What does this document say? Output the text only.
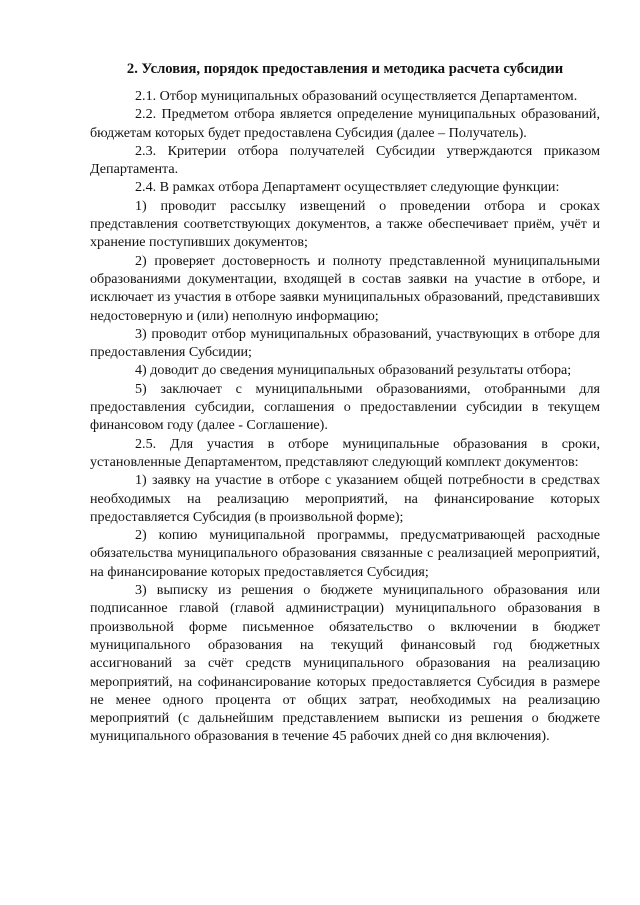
2. Условия, порядок предоставления и методика расчета субсидии

2.1. Отбор муниципальных образований осуществляется Департаментом.

2.2. Предметом отбора является определение муниципальных образований, бюджетам которых будет предоставлена Субсидия (далее – Получатель).

2.3. Критерии отбора получателей Субсидии утверждаются приказом Департамента.

2.4. В рамках отбора Департамент осуществляет следующие функции:

1) проводит рассылку извещений о проведении отбора и сроках представления соответствующих документов, а также обеспечивает приём, учёт и хранение поступивших документов;

2) проверяет достоверность и полноту представленной муниципальными образованиями документации, входящей в состав заявки на участие в отборе, и исключает из участия в отборе заявки муниципальных образований, представивших недостоверную и (или) неполную информацию;

3) проводит отбор муниципальных образований, участвующих в отборе для предоставления Субсидии;

4) доводит до сведения муниципальных образований результаты отбора;

5) заключает с муниципальными образованиями, отобранными для предоставления субсидии, соглашения о предоставлении субсидии в текущем финансовом году (далее - Соглашение).

2.5. Для участия в отборе муниципальные образования в сроки, установленные Департаментом, представляют следующий комплект документов:

1) заявку на участие в отборе с указанием общей потребности в средствах необходимых на реализацию мероприятий, на финансирование которых предоставляется Субсидия (в произвольной форме);

2) копию муниципальной программы, предусматривающей расходные обязательства муниципального образования связанные с реализацией мероприятий, на финансирование которых предоставляется Субсидия;

3) выписку из решения о бюджете муниципального образования или подписанное главой (главой администрации) муниципального образования в произвольной форме письменное обязательство о включении в бюджет муниципального образования на текущий финансовый год бюджетных ассигнований за счёт средств муниципального образования на реализацию мероприятий, на софинансирование которых предоставляется Субсидия в размере не менее одного процента от общих затрат, необходимых на реализацию мероприятий (с дальнейшим представлением выписки из решения о бюджете муниципального образования в течение 45 рабочих дней со дня включения).
